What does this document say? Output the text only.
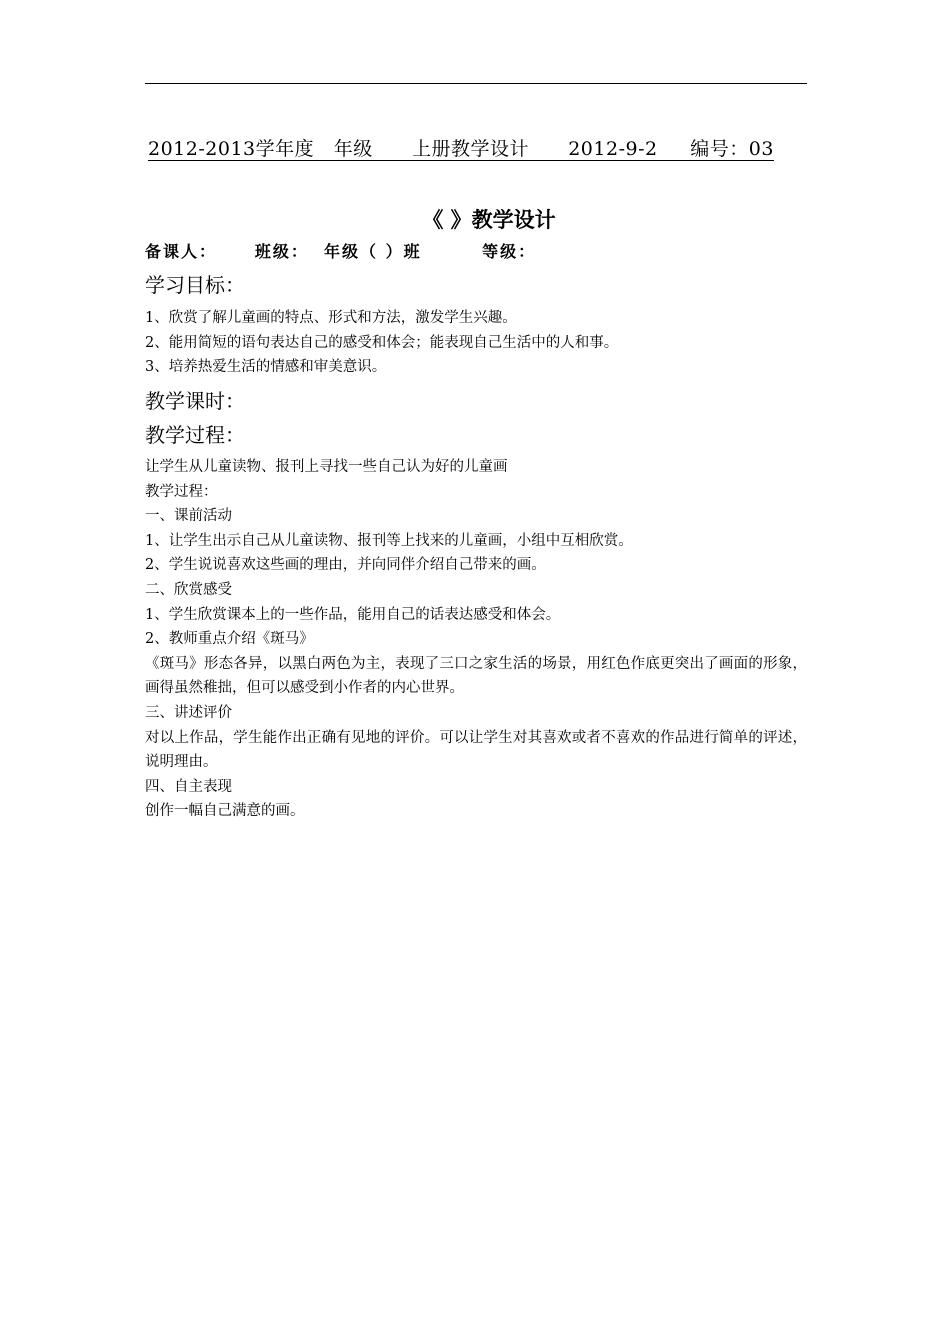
2012-2013学年度   年级      上册教学设计      2012-9-2     编号：03
《 》教学设计
备课人：     班级：  年级（ ）班        等级：
学习目标：

1、欣赏了解儿童画的特点、形式和方法，激发学生兴趣。

2、能用简短的语句表达自己的感受和体会；能表现自己生活中的人和事。

3、培养热爱生活的情感和审美意识。

教学课时：
教学过程：

让学生从儿童读物、报刊上寻找一些自己认为好的儿童画

教学过程：

一、课前活动

1、让学生出示自己从儿童读物、报刊等上找来的儿童画，小组中互相欣赏。

2、学生说说喜欢这些画的理由，并向同伴介绍自己带来的画。

二、欣赏感受

1、学生欣赏课本上的一些作品，能用自己的话表达感受和体会。

2、教师重点介绍《斑马》

《斑马》形态各异，以黑白两色为主，表现了三口之家生活的场景，用红色作底更突出了画面的形象，画得虽然稚拙，但可以感受到小作者的内心世界。

三、讲述评价

对以上作品，学生能作出正确有见地的评价。可以让学生对其喜欢或者不喜欢的作品进行简单的评述，说明理由。

四、自主表现

创作一幅自己满意的画。
